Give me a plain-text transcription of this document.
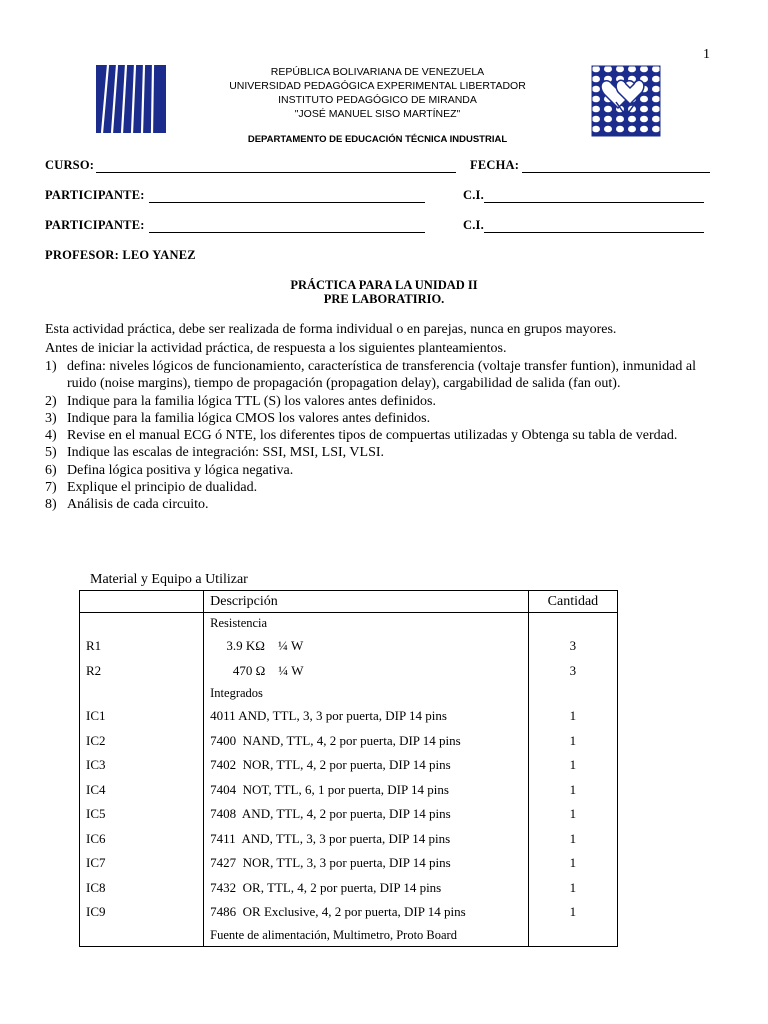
1
REPÚBLICA BOLIVARIANA DE VENEZUELA
UNIVERSIDAD PEDAGÓGICA EXPERIMENTAL LIBERTADOR
INSTITUTO PEDAGÓGICO DE MIRANDA
"JOSÉ MANUEL SISO MARTÍNEZ"
DEPARTAMENTO DE EDUCACIÓN TÉCNICA INDUSTRIAL
CURSO:	FECHA:
PARTICIPANTE:	C.I.
PARTICIPANTE:	C.I.
PROFESOR: LEO YANEZ
PRÁCTICA PARA LA UNIDAD II
PRE LABORATIRIO.
Esta actividad práctica, debe ser realizada de forma individual o en parejas, nunca en grupos mayores.
Antes de iniciar la actividad práctica, de respuesta a los siguientes planteamientos.
1) defina: niveles lógicos de funcionamiento, característica de transferencia (voltaje transfer funtion), inmunidad al ruido (noise margins), tiempo de propagación (propagation delay), cargabilidad de salida (fan out).
2) Indique para la familia lógica TTL (S) los valores antes definidos.
3) Indique para la familia lógica CMOS los valores antes definidos.
4) Revise en el manual ECG ó NTE, los diferentes tipos de compuertas utilizadas y Obtenga su tabla de verdad.
5) Indique las escalas de integración: SSI, MSI, LSI, VLSI.
6) Defina lógica positiva y lógica negativa.
7) Explique el principio de dualidad.
8) Análisis de cada circuito.
Material y Equipo a Utilizar
	Descripción	Cantidad
	Resistencia	
R1	3.9 KΩ    ¼ W	3
R2	470 Ω    ¼ W	3
	Integrados	
IC1	4011 AND, TTL, 3, 3 por puerta, DIP 14 pins	1
IC2	7400  NAND, TTL, 4, 2 por puerta, DIP 14 pins	1
IC3	7402  NOR, TTL, 4, 2 por puerta, DIP 14 pins	1
IC4	7404  NOT, TTL, 6, 1 por puerta, DIP 14 pins	1
IC5	7408  AND, TTL, 4, 2 por puerta, DIP 14 pins	1
IC6	7411  AND, TTL, 3, 3 por puerta, DIP 14 pins	1
IC7	7427  NOR, TTL, 3, 3 por puerta, DIP 14 pins	1
IC8	7432  OR, TTL, 4, 2 por puerta, DIP 14 pins	1
IC9	7486  OR Exclusive, 4, 2 por puerta, DIP 14 pins	1
	Fuente de alimentación, Multimetro, Proto Board	
